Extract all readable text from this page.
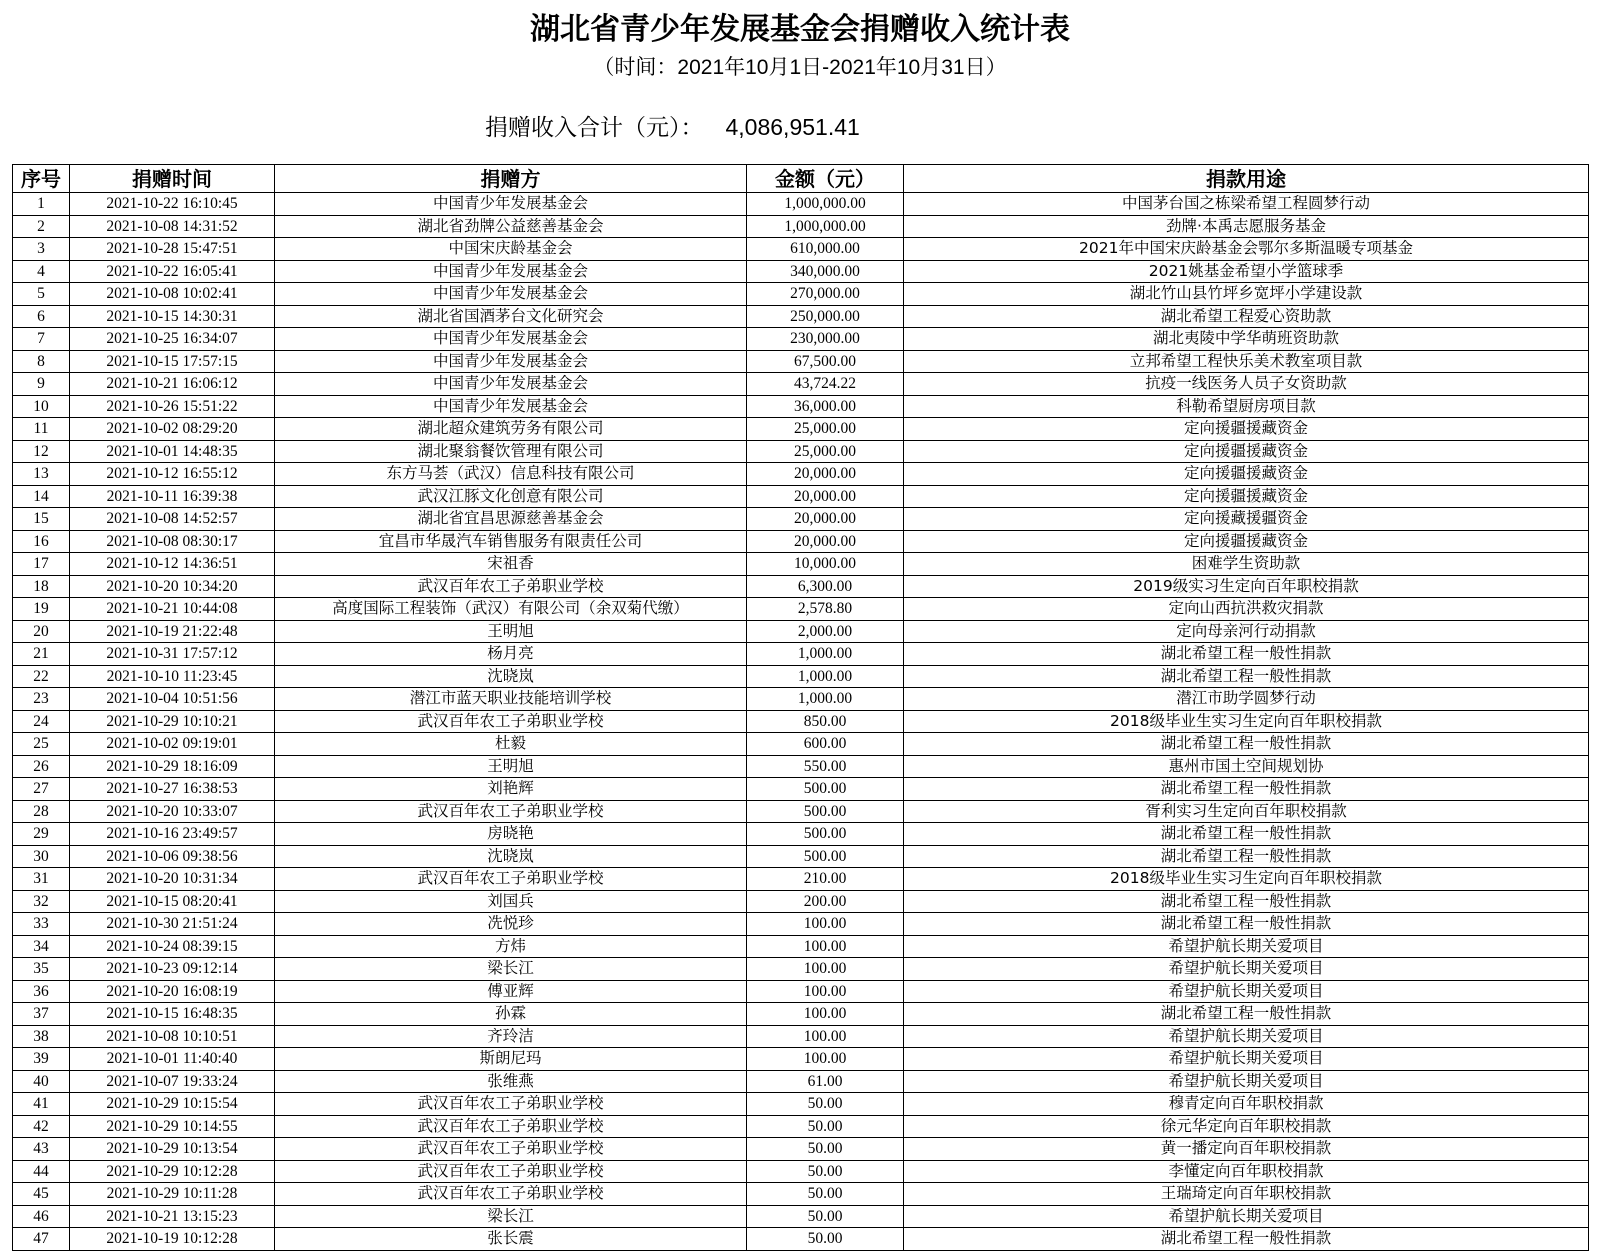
湖北省青少年发展基金会捐赠收入统计表
（时间：2021年10月1日-2021年10月31日）
捐赠收入合计（元）： 4,086,951.41
序号	捐赠时间	捐赠方	金额（元）	捐款用途
1	2021-10-22 16:10:45	中国青少年发展基金会	1,000,000.00	中国茅台国之栋梁希望工程圆梦行动
2	2021-10-08 14:31:52	湖北省劲牌公益慈善基金会	1,000,000.00	劲牌·本禹志愿服务基金
3	2021-10-28 15:47:51	中国宋庆龄基金会	610,000.00	2021年中国宋庆龄基金会鄂尔多斯温暖专项基金
4	2021-10-22 16:05:41	中国青少年发展基金会	340,000.00	2021姚基金希望小学篮球季
5	2021-10-08 10:02:41	中国青少年发展基金会	270,000.00	湖北竹山县竹坪乡宽坪小学建设款
6	2021-10-15 14:30:31	湖北省国酒茅台文化研究会	250,000.00	湖北希望工程爱心资助款
7	2021-10-25 16:34:07	中国青少年发展基金会	230,000.00	湖北夷陵中学华萌班资助款
8	2021-10-15 17:57:15	中国青少年发展基金会	67,500.00	立邦希望工程快乐美术教室项目款
9	2021-10-21 16:06:12	中国青少年发展基金会	43,724.22	抗疫一线医务人员子女资助款
10	2021-10-26 15:51:22	中国青少年发展基金会	36,000.00	科勒希望厨房项目款
11	2021-10-02 08:29:20	湖北超众建筑劳务有限公司	25,000.00	定向援疆援藏资金
12	2021-10-01 14:48:35	湖北聚翁餐饮管理有限公司	25,000.00	定向援疆援藏资金
13	2021-10-12 16:55:12	东方马荟（武汉）信息科技有限公司	20,000.00	定向援疆援藏资金
14	2021-10-11 16:39:38	武汉江豚文化创意有限公司	20,000.00	定向援疆援藏资金
15	2021-10-08 14:52:57	湖北省宜昌思源慈善基金会	20,000.00	定向援藏援疆资金
16	2021-10-08 08:30:17	宜昌市华晟汽车销售服务有限责任公司	20,000.00	定向援疆援藏资金
17	2021-10-12 14:36:51	宋祖香	10,000.00	困难学生资助款
18	2021-10-20 10:34:20	武汉百年农工子弟职业学校	6,300.00	2019级实习生定向百年职校捐款
19	2021-10-21 10:44:08	高度国际工程装饰（武汉）有限公司（余双菊代缴）	2,578.80	定向山西抗洪救灾捐款
20	2021-10-19 21:22:48	王明旭	2,000.00	定向母亲河行动捐款
21	2021-10-31 17:57:12	杨月亮	1,000.00	湖北希望工程一般性捐款
22	2021-10-10 11:23:45	沈晓岚	1,000.00	湖北希望工程一般性捐款
23	2021-10-04 10:51:56	潜江市蓝天职业技能培训学校	1,000.00	潜江市助学圆梦行动
24	2021-10-29 10:10:21	武汉百年农工子弟职业学校	850.00	2018级毕业生实习生定向百年职校捐款
25	2021-10-02 09:19:01	杜毅	600.00	湖北希望工程一般性捐款
26	2021-10-29 18:16:09	王明旭	550.00	惠州市国土空间规划协
27	2021-10-27 16:38:53	刘艳辉	500.00	湖北希望工程一般性捐款
28	2021-10-20 10:33:07	武汉百年农工子弟职业学校	500.00	胥利实习生定向百年职校捐款
29	2021-10-16 23:49:57	房晓艳	500.00	湖北希望工程一般性捐款
30	2021-10-06 09:38:56	沈晓岚	500.00	湖北希望工程一般性捐款
31	2021-10-20 10:31:34	武汉百年农工子弟职业学校	210.00	2018级毕业生实习生定向百年职校捐款
32	2021-10-15 08:20:41	刘国兵	200.00	湖北希望工程一般性捐款
33	2021-10-30 21:51:24	冼悦珍	100.00	湖北希望工程一般性捐款
34	2021-10-24 08:39:15	方炜	100.00	希望护航长期关爱项目
35	2021-10-23 09:12:14	梁长江	100.00	希望护航长期关爱项目
36	2021-10-20 16:08:19	傅亚辉	100.00	希望护航长期关爱项目
37	2021-10-15 16:48:35	孙霖	100.00	湖北希望工程一般性捐款
38	2021-10-08 10:10:51	齐玲洁	100.00	希望护航长期关爱项目
39	2021-10-01 11:40:40	斯朗尼玛	100.00	希望护航长期关爱项目
40	2021-10-07 19:33:24	张维燕	61.00	希望护航长期关爱项目
41	2021-10-29 10:15:54	武汉百年农工子弟职业学校	50.00	穆青定向百年职校捐款
42	2021-10-29 10:14:55	武汉百年农工子弟职业学校	50.00	徐元华定向百年职校捐款
43	2021-10-29 10:13:54	武汉百年农工子弟职业学校	50.00	黄一播定向百年职校捐款
44	2021-10-29 10:12:28	武汉百年农工子弟职业学校	50.00	李懂定向百年职校捐款
45	2021-10-29 10:11:28	武汉百年农工子弟职业学校	50.00	王瑞琦定向百年职校捐款
46	2021-10-21 13:15:23	梁长江	50.00	希望护航长期关爱项目
47	2021-10-19 10:12:28	张长震	50.00	湖北希望工程一般性捐款
